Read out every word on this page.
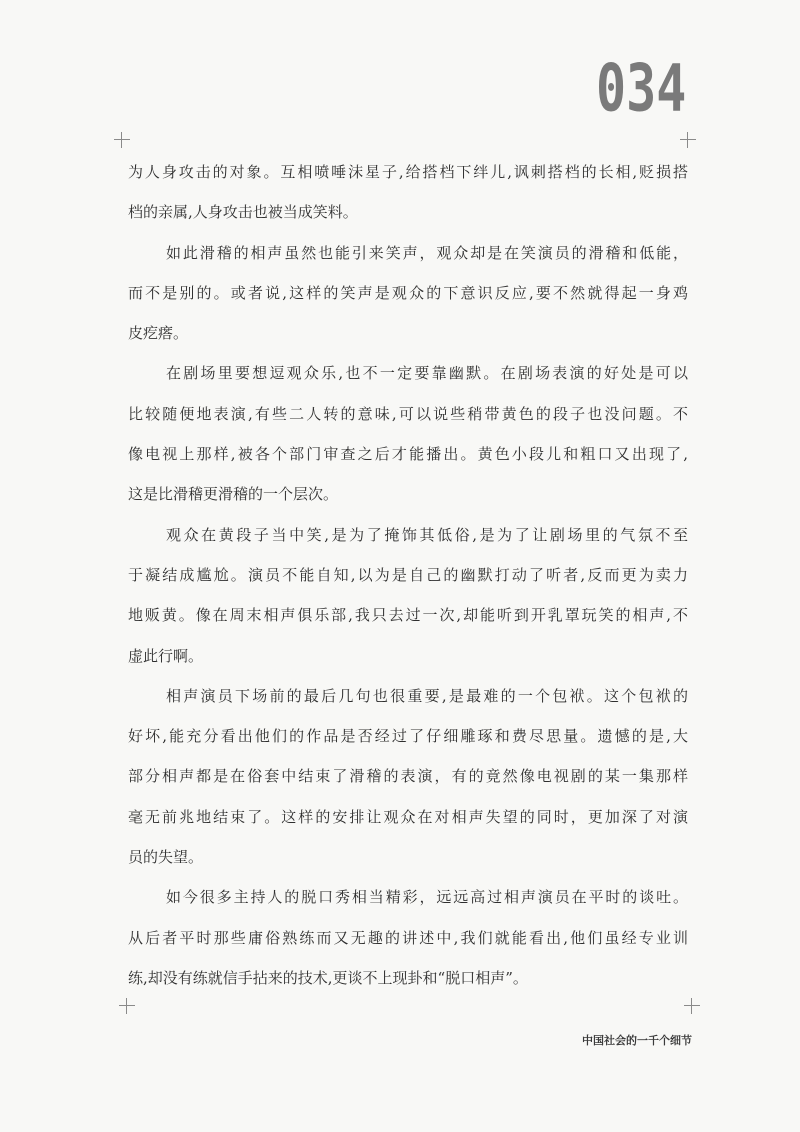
034
为人身攻击的对象。互相喷唾沫星子,给搭档下绊儿,讽刺搭档的长相,贬损搭
档的亲属,人身攻击也被当成笑料。
如此滑稽的相声虽然也能引来笑声，观众却是在笑演员的滑稽和低能，
而不是别的。或者说,这样的笑声是观众的下意识反应,要不然就得起一身鸡
皮疙瘩。
在剧场里要想逗观众乐,也不一定要靠幽默。在剧场表演的好处是可以
比较随便地表演,有些二人转的意味,可以说些稍带黄色的段子也没问题。不
像电视上那样,被各个部门审查之后才能播出。黄色小段儿和粗口又出现了,
这是比滑稽更滑稽的一个层次。
观众在黄段子当中笑,是为了掩饰其低俗,是为了让剧场里的气氛不至
于凝结成尴尬。演员不能自知,以为是自己的幽默打动了听者,反而更为卖力
地贩黄。像在周末相声俱乐部,我只去过一次,却能听到开乳罩玩笑的相声,不
虚此行啊。
相声演员下场前的最后几句也很重要,是最难的一个包袱。这个包袱的
好坏,能充分看出他们的作品是否经过了仔细雕琢和费尽思量。遗憾的是,大
部分相声都是在俗套中结束了滑稽的表演，有的竟然像电视剧的某一集那样
毫无前兆地结束了。这样的安排让观众在对相声失望的同时，更加深了对演
员的失望。
如今很多主持人的脱口秀相当精彩，远远高过相声演员在平时的谈吐。
从后者平时那些庸俗熟练而又无趣的讲述中,我们就能看出,他们虽经专业训
练,却没有练就信手拈来的技术,更谈不上现卦和“脱口相声”。
中国社会的一千个细节
